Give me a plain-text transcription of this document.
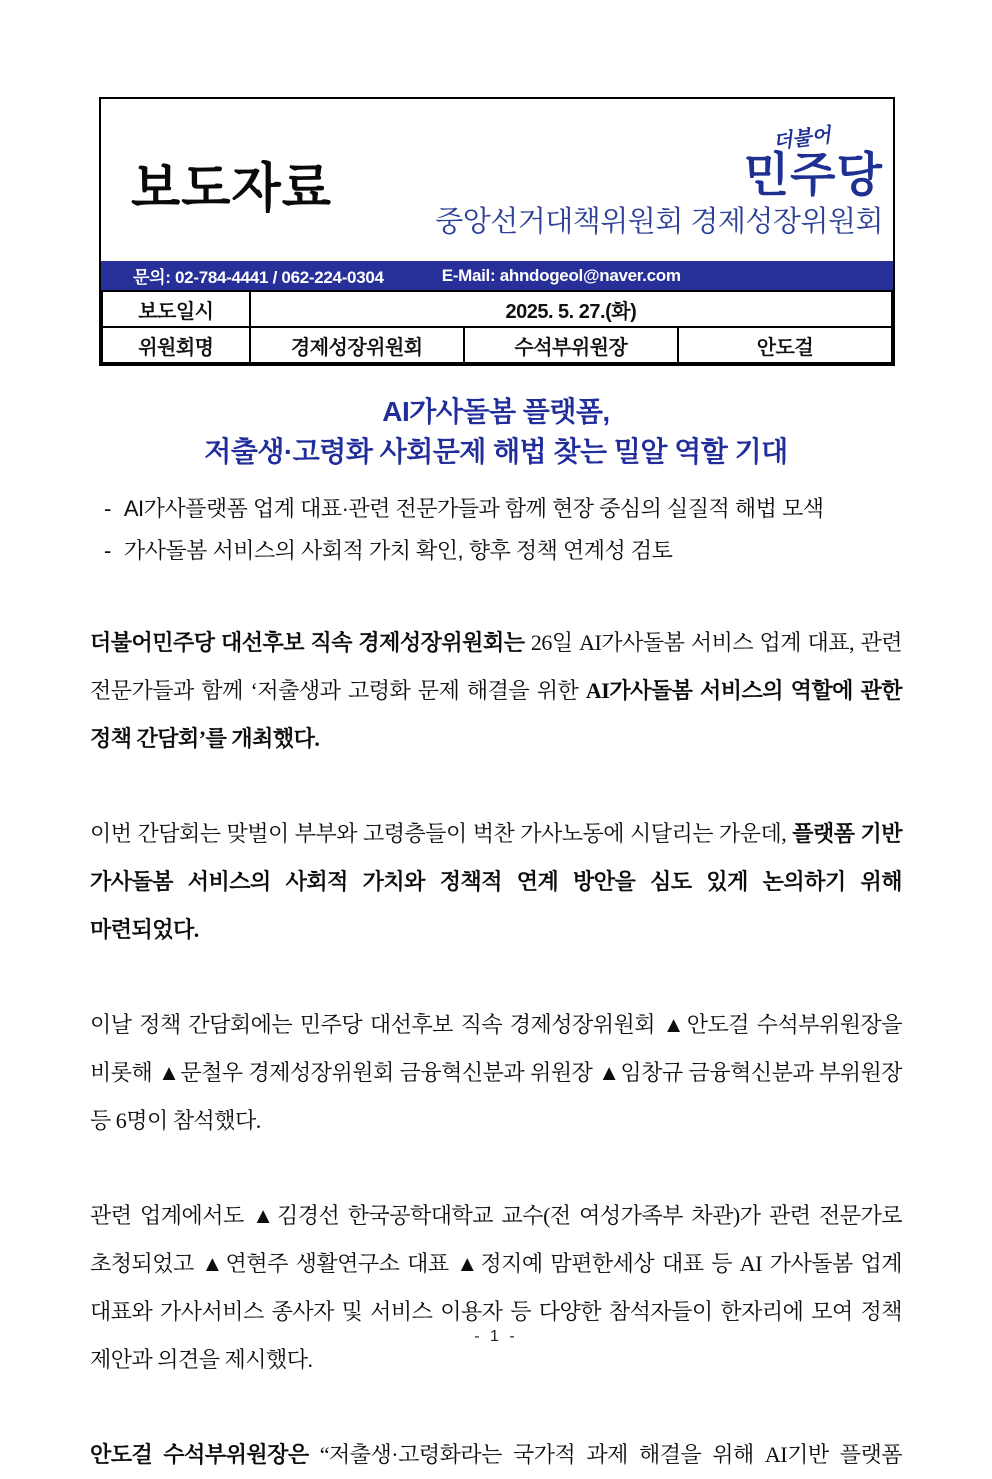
보도자료
더불어
민주당
중앙선거대책위원회 경제성장위원회
문의: 02-784-4441 / 062-224-0304	E-Mail: ahndogeol@naver.com
보도일시	2025. 5. 27.(화)		
위원회명	경제성장위원회	수석부위원장	안도걸
AI가사돌봄 플랫폼,
저출생·고령화 사회문제 해법 찾는 밀알 역할 기대
- AI가사플랫폼 업계 대표·관련 전문가들과 함께 현장 중심의 실질적 해법 모색
- 가사돌봄 서비스의 사회적 가치 확인, 향후 정책 연계성 검토

더불어민주당 대선후보 직속 경제성장위원회는 26일 AI가사돌봄 서비스 업계 대표, 관련 전문가들과 함께 ‘저출생과 고령화 문제 해결을 위한 AI가사돌봄 서비스의 역할에 관한 정책 간담회’를 개최했다.

이번 간담회는 맞벌이 부부와 고령층들이 벅찬 가사노동에 시달리는 가운데, 플랫폼 기반 가사돌봄 서비스의 사회적 가치와 정책적 연계 방안을 심도 있게 논의하기 위해 마련되었다.

이날 정책 간담회에는 민주당 대선후보 직속 경제성장위원회 ▲안도걸 수석부위원장을 비롯해 ▲문철우 경제성장위원회 금융혁신분과 위원장 ▲임창규 금융혁신분과 부위원장 등 6명이 참석했다.

관련 업계에서도 ▲김경선 한국공학대학교 교수(전 여성가족부 차관)가 관련 전문가로 초청되었고 ▲연현주 생활연구소 대표 ▲정지예 맘편한세상 대표 등 AI 가사돌봄 업계 대표와 가사서비스 종사자 및 서비스 이용자 등 다양한 참석자들이 한자리에 모여 정책 제안과 의견을 제시했다.

안도걸 수석부위원장은 “저출생·고령화라는 국가적 과제 해결을 위해 AI기반 플랫폼

- 1 -
